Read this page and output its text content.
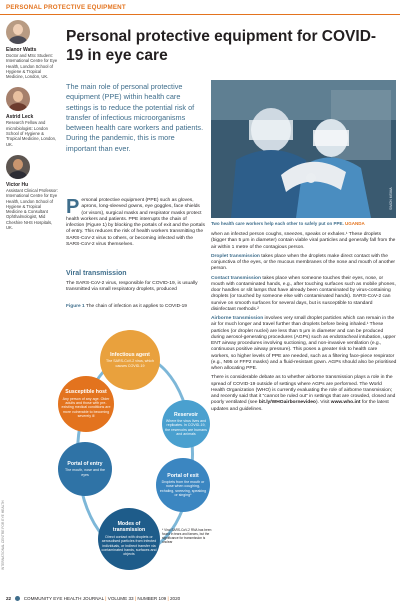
PERSONAL PROTECTIVE EQUIPMENT
Elanor Watts
Doctor and MSc Student: International Centre for Eye Health, London School of Hygiene & Tropical Medicine, London, UK.
Astrid Leck
Research Fellow and microbiologist: London School of Hygiene & Tropical Medicine, London, UK.
Victor Hu
Assistant Clinical Professor: International Centre for Eye Health, London School of Hygiene & Tropical Medicine & Consultant Ophthalmologist, Mid Cheshire NHS Hospitals, UK.
Personal protective equipment for COVID-19 in eye care
The main role of personal protective equipment (PPE) within health care settings is to reduce the potential risk of transfer of infectious microorganisms between health care workers and patients. During the pandemic, this is more important than ever.
SIMON MSIMA
Two health care workers help each other to safely put on PPE. UGANDA
Personal protective equipment (PPE) such as gloves, aprons, long-sleeved gowns, eye goggles, face shields (or visors), surgical masks and respirator masks protect health workers and patients. PPE interrupts the chain of infection (Figure 1) by blocking the portals of exit and the portals of entry. This reduces the risk of health workers transmitting the SARS-CoV-2 virus to others, or becoming infected with the SARS-CoV-2 virus themselves.
Viral transmission
The SARS-CoV-2 virus, responsible for COVID-19, is usually transmitted via small respiratory droplets, produced
Figure 1 The chain of infection as it applies to COVID-19
Infectious agent
The SARS-CoV-2 virus, which causes COVID-19
Reservoir
Where the virus lives and replicates. In COVID-19, the reservoirs are humans and animals
Portal of exit
Droplets from the mouth or nose when coughing, exhaling, sneezing, speaking or singing*
Modes of transmission
Direct contact with droplets or aerosolised particles from infected individuals, or indirect transfer via contaminated hands, surfaces and objects
Portal of entry
The mouth, nose and the eyes
Susceptible host
Any person of any age. Older adults and those with pre-existing medical conditions are more vulnerable to becoming severely ill
* Viral SARS-CoV-2 RNA has been found in tears and faeces, but the significance for transmission is unclear

when an infected person coughs, sneezes, speaks or exhales.¹ These droplets (bigger than 5 μm in diameter) contain viable viral particles and generally fall from the air within 1 metre of the contagious person.

Droplet transmission takes place when the droplets make direct contact with the conjunctiva of the eyes, or the mucous membranes of the nose and mouth of another person.

Contact transmission takes place when someone touches their eyes, nose, or mouth with contaminated hands, e.g., after touching surfaces such as mobile phones, door handles or slit lamps that have already been contaminated by virus-containing droplets (or touched by someone else with contaminated hands). SARS-CoV-2 can survive on smooth surfaces for several days, but is susceptible to standard disinfectant methods.²

Airborne transmission involves very small droplet particles which can remain in the air for much longer and travel further than droplets before being inhaled.¹ These particles (or droplet nuclei) are less than 5 μm in diameter and can be produced during aerosol-generating procedures (AGPs) such as endotracheal intubation, upper ENT airway procedures involving suctioning, and non-invasive ventilation (e.g., continuous positive airway pressure). This poses a greater risk to health care workers, so higher levels of PPE are needed, such as a filtering face-piece respirator (e.g., N95 or FFP2 masks) and a fluid-resistant gown. AGPs should also be prioritised when allocating PPE.

There is considerable debate as to whether airborne transmission plays a role in the spread of COVID-19 outside of settings where AGPs are performed. The World Health Organization (WHO) is currently evaluating the role of airborne transmission; and recently said that it “cannot be ruled out” in settings that are crowded, closed and poorly ventilated (see bit.ly/WHOairbornevideo). Visit www.who.int for the latest updates and guidelines.

INTERNATIONAL CENTRE FOR EYE HEALTH
22	COMMUNITY EYE HEALTH JOURNAL | VOLUME 33 | NUMBER 109 | 2020
